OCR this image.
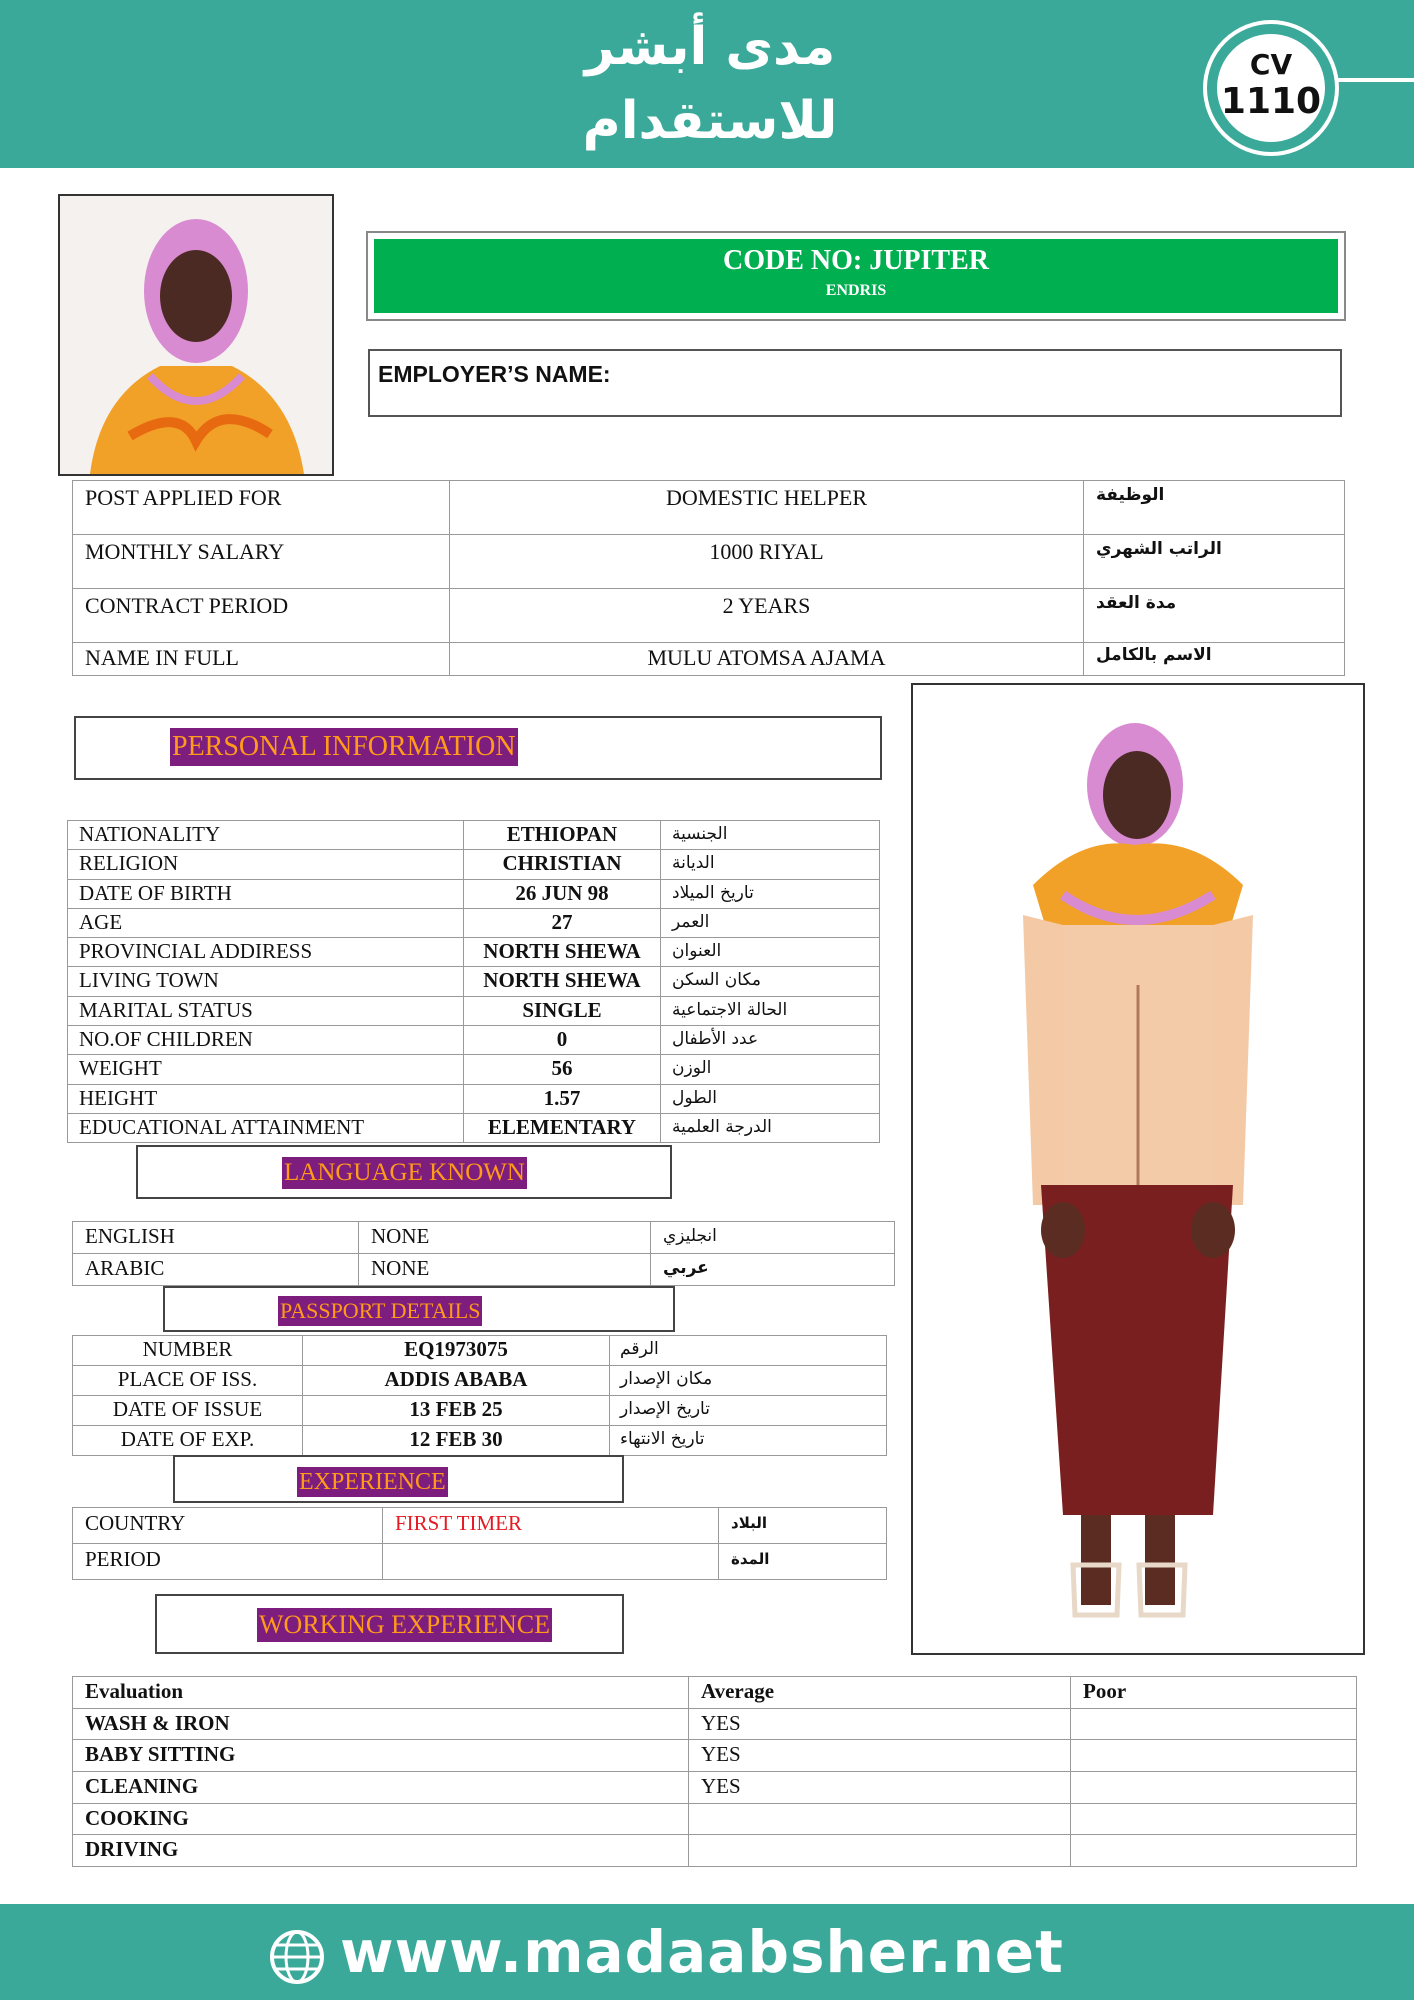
مدى أبشر
للاستقدام
CV
1110
CODE NO: JUPITER
ENDRIS
EMPLOYER’S NAME:
POST APPLIED FOR	DOMESTIC HELPER	الوظيفة
MONTHLY SALARY	1000 RIYAL	الراتب الشهري
CONTRACT PERIOD	2 YEARS	مدة العقد
NAME IN FULL	MULU ATOMSA AJAMA	الاسم بالكامل
PERSONAL INFORMATION
NATIONALITY	ETHIOPAN	الجنسية
RELIGION	CHRISTIAN	الديانة
DATE OF BIRTH	26 JUN 98	تاريخ الميلاد
AGE	27	العمر
PROVINCIAL ADDIRESS	NORTH SHEWA	العنوان
LIVING TOWN	NORTH SHEWA	مكان السكن
MARITAL STATUS	SINGLE	الحالة الاجتماعية
NO.OF CHILDREN	0	عدد الأطفال
WEIGHT	56	الوزن
HEIGHT	1.57	الطول
EDUCATIONAL ATTAINMENT	ELEMENTARY	الدرجة العلمية
LANGUAGE KNOWN
ENGLISH	NONE	انجليزي
ARABIC	NONE	عربي
PASSPORT DETAILS
NUMBER	EQ1973075	الرقم
PLACE OF ISS.	ADDIS ABABA	مكان الإصدار
DATE OF ISSUE	13 FEB 25	تاريخ الإصدار
DATE OF EXP.	12 FEB 30	تاريخ الانتهاء
EXPERIENCE
COUNTRY	FIRST TIMER	البلاد
PERIOD		المدة
WORKING EXPERIENCE
Evaluation	Average	Poor
WASH & IRON	YES	
BABY SITTING	YES	
CLEANING	YES	
COOKING		
DRIVING		
www.madaabsher.net
